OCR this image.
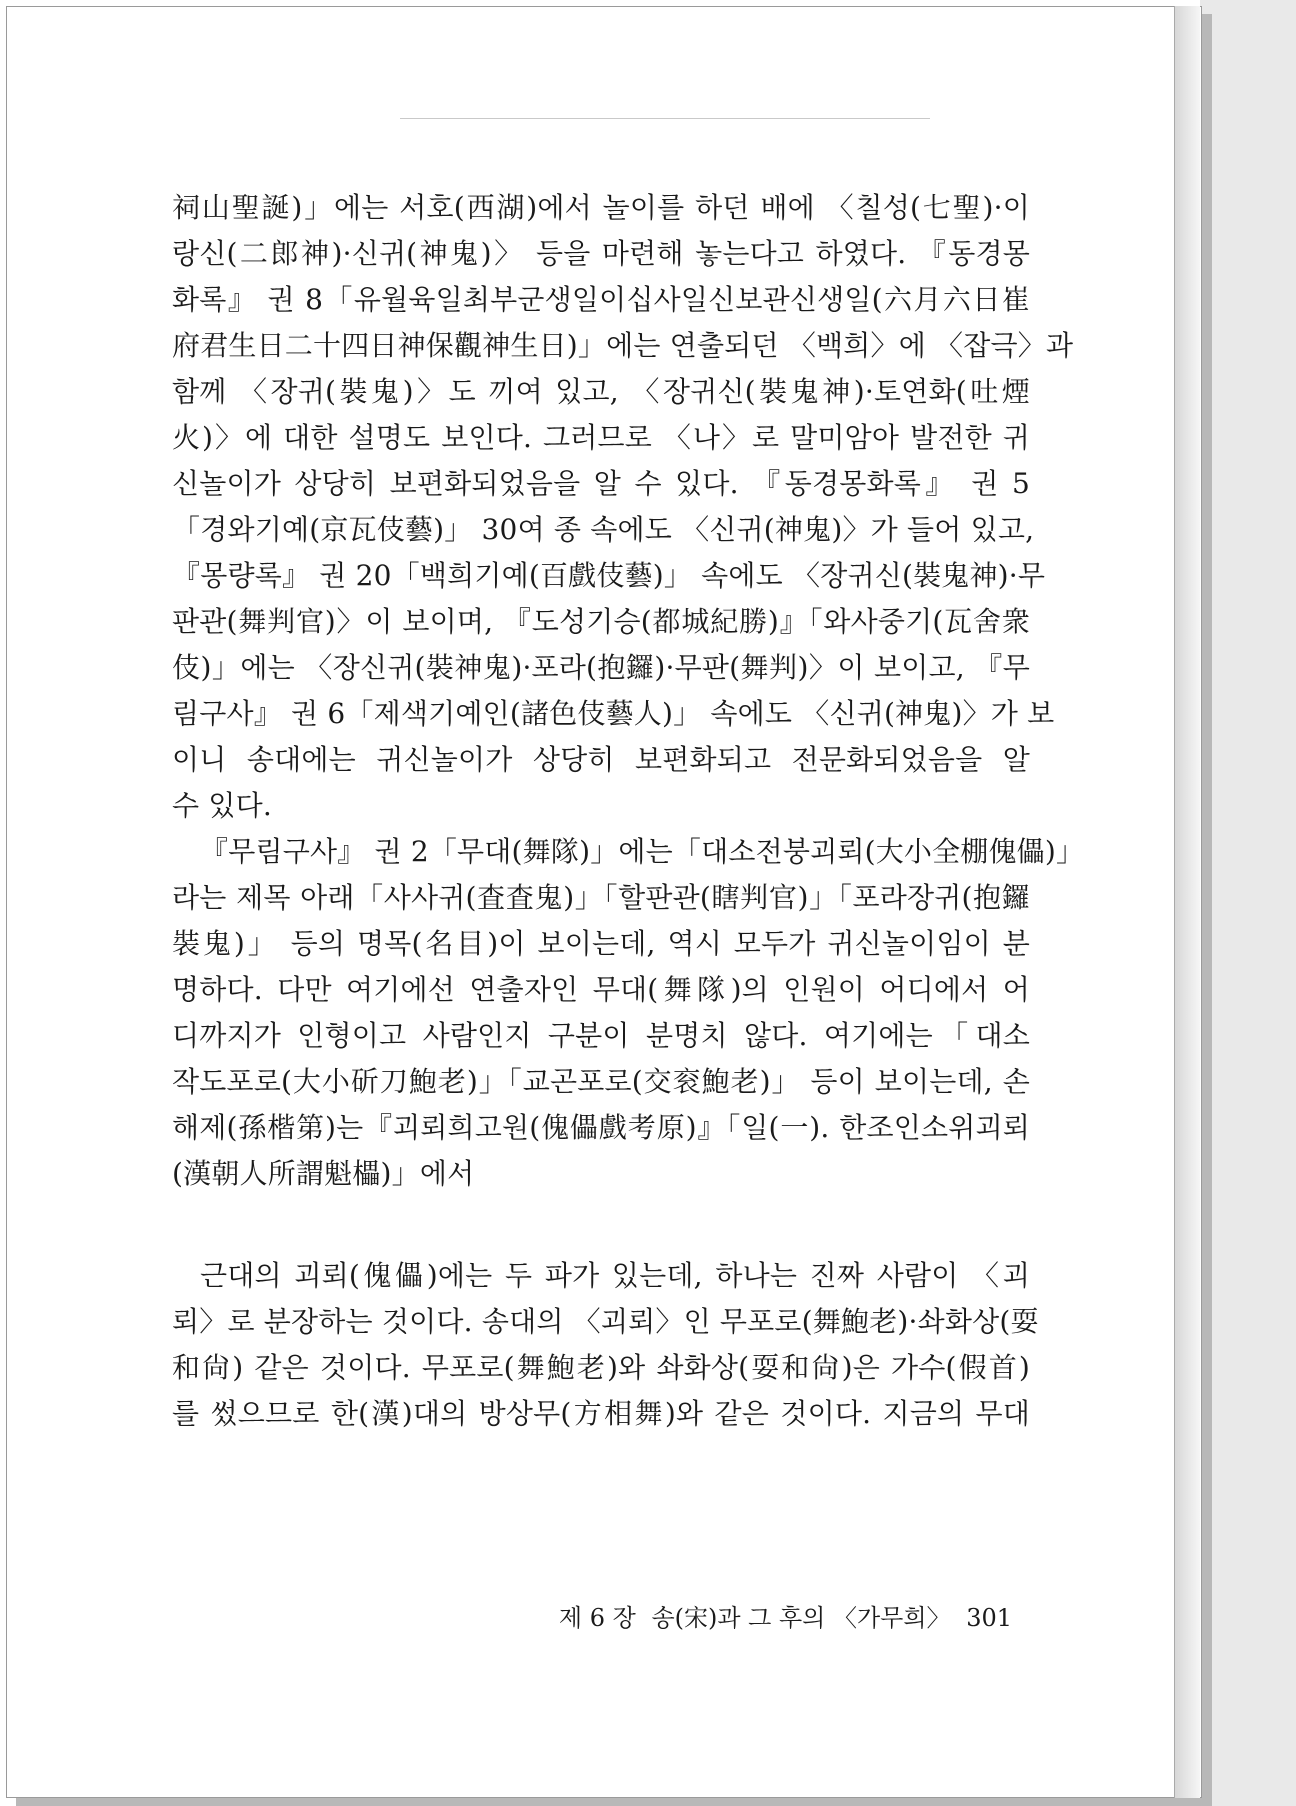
祠山聖誕)」에는 서호(西湖)에서 놀이를 하던 배에 〈칠성(七聖)·이
랑신(二郎神)·신귀(神鬼)〉 등을 마련해 놓는다고 하였다. 『동경몽
화록』 권 8「유월육일최부군생일이십사일신보관신생일(六月六日崔
府君生日二十四日神保觀神生日)」에는 연출되던 〈백희〉에 〈잡극〉과
함께 〈장귀(裝鬼)〉도 끼여 있고, 〈장귀신(裝鬼神)·토연화(吐煙
火)〉에 대한 설명도 보인다. 그러므로 〈나〉로 말미암아 발전한 귀
신놀이가 상당히 보편화되었음을 알 수 있다. 『동경몽화록』 권 5
「경와기예(京瓦伎藝)」 30여 종 속에도 〈신귀(神鬼)〉가 들어 있고,
『몽량록』 권 20「백희기예(百戲伎藝)」 속에도 〈장귀신(裝鬼神)·무
판관(舞判官)〉이 보이며, 『도성기승(都城紀勝)』「와사중기(瓦舍衆
伎)」에는 〈장신귀(裝神鬼)·포라(抱鑼)·무판(舞判)〉이 보이고, 『무
림구사』 권 6「제색기예인(諸色伎藝人)」 속에도 〈신귀(神鬼)〉가 보
이니 송대에는 귀신놀이가 상당히 보편화되고 전문화되었음을 알
수 있다.
『무림구사』 권 2「무대(舞隊)」에는「대소전붕괴뢰(大小全棚傀儡)」
라는 제목 아래「사사귀(査査鬼)」「할판관(瞎判官)」「포라장귀(抱鑼
裝鬼)」 등의 명목(名目)이 보이는데, 역시 모두가 귀신놀이임이 분
명하다. 다만 여기에선 연출자인 무대(舞隊)의 인원이 어디에서 어
디까지가 인형이고 사람인지 구분이 분명치 않다. 여기에는「대소
작도포로(大小斫刀鮑老)」「교곤포로(交衮鮑老)」 등이 보이는데, 손
해제(孫楷第)는『괴뢰희고원(傀儡戲考原)』「일(一). 한조인소위괴뢰
(漢朝人所謂魁櫑)」에서
근대의 괴뢰(傀儡)에는 두 파가 있는데, 하나는 진짜 사람이 〈괴
뢰〉로 분장하는 것이다. 송대의 〈괴뢰〉인 무포로(舞鮑老)·솨화상(耍
和尙) 같은 것이다. 무포로(舞鮑老)와 솨화상(耍和尙)은 가수(假首)
를 썼으므로 한(漢)대의 방상무(方相舞)와 같은 것이다. 지금의 무대
제 6 장 송(宋)과 그 후의 〈가무희〉 301
